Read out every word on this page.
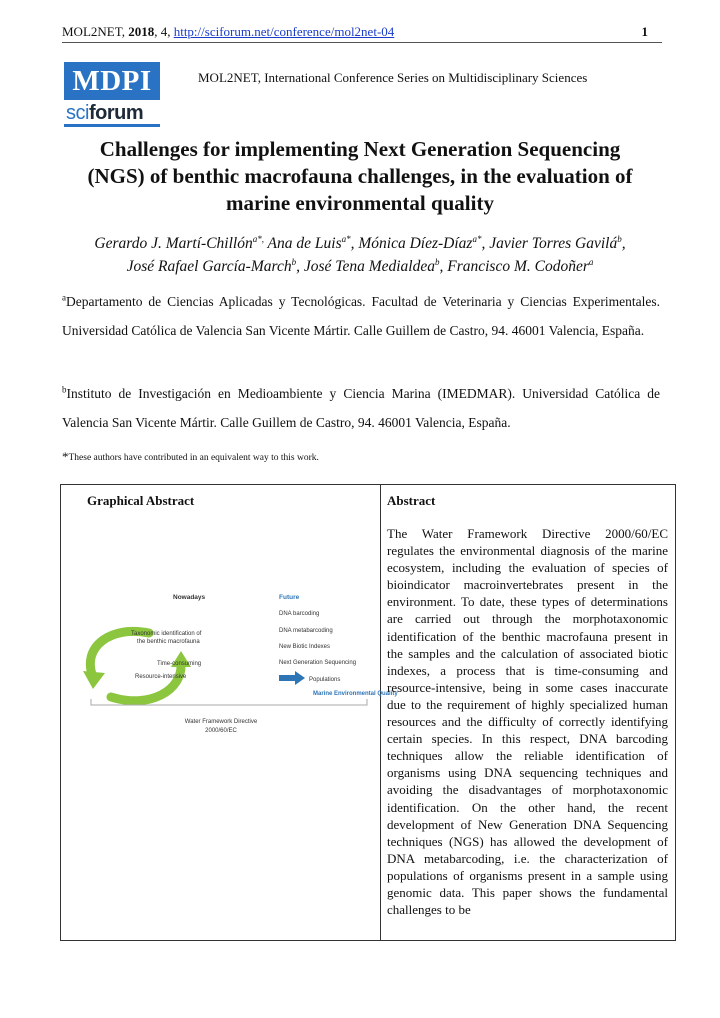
MOL2NET, 2018, 4, http://sciforum.net/conference/mol2net-04	1
MDPI
sciforum
MOL2NET, International Conference Series on Multidisciplinary Sciences
Challenges for implementing Next Generation Sequencing
(NGS) of benthic macrofauna challenges, in the evaluation of
marine environmental quality
Gerardo J. Martí-Chillón$^{a*,}$ Ana de Luis$^{a*}$, Mónica Díez-Díaz$^{a*}$, Javier Torres Gavilá$^b$,
José Rafael García-March$^b$, José Tena Medialdea$^b$, Francisco M. Codoñer$^a$
$^a$Departamento de Ciencias Aplicadas y Tecnológicas. Facultad de Veterinaria y Ciencias Experimentales. Universidad Católica de Valencia San Vicente Mártir. Calle Guillem de Castro, 94. 46001 Valencia, España.
$^b$Instituto de Investigación en Medioambiente y Ciencia Marina (IMEDMAR). Universidad Católica de Valencia San Vicente Mártir. Calle Guillem de Castro, 94. 46001 Valencia, España.
*These authors have contributed in an equivalent way to this work.
Graphical Abstract
Nowadays
Taxonomic identification of
the benthic macrofauna
Time-consuming
Resource-intensive
Future
DNA barcoding
DNA metabarcoding
New Biotic Indexes
Next Generation Sequencing
Populations
Marine Environmental Quality
Water Framework Directive
2000/60/EC
Abstract
The Water Framework Directive 2000/60/EC regulates the environmental diagnosis of the marine ecosystem, including the evaluation of species of bioindicator macroinvertebrates present in the environment. To date, these types of determinations are carried out through the morphotaxonomic identification of the benthic macrofauna present in the samples and the calculation of associated biotic indexes, a process that is time-consuming and resource-intensive, being in some cases inaccurate due to the requirement of highly specialized human resources and the difficulty of correctly identifying certain species. In this respect, DNA barcoding techniques allow the reliable identification of organisms using DNA sequencing techniques and avoiding the disadvantages of morphotaxonomic identification. On the other hand, the recent development of New Generation DNA Sequencing techniques (NGS) has allowed the development of DNA metabarcoding, i.e. the characterization of populations of organisms present in a sample using genomic data. This paper shows the fundamental challenges to be
